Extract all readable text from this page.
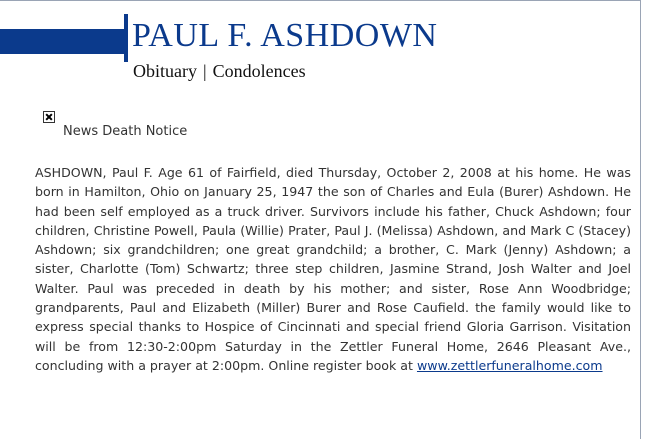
PAUL F. ASHDOWN
Obituary | Condolences
News Death Notice

ASHDOWN, Paul F. Age 61 of Fairfield, died Thursday, October 2, 2008 at his home. He was born in Hamilton, Ohio on January 25, 1947 the son of Charles and Eula (Burer) Ashdown. He had been self employed as a truck driver. Survivors include his father, Chuck Ashdown; four children, Christine Powell, Paula (Willie) Prater, Paul J. (Melissa) Ashdown, and Mark C (Stacey) Ashdown; six grandchildren; one great grandchild; a brother, C. Mark (Jenny) Ashdown; a sister, Charlotte (Tom) Schwartz; three step children, Jasmine Strand, Josh Walter and Joel Walter. Paul was preceded in death by his mother; and sister, Rose Ann Woodbridge; grandparents, Paul and Elizabeth (Miller) Burer and Rose Caufield. the family would like to express special thanks to Hospice of Cincinnati and special friend Gloria Garrison. Visitation will be from 12:30-2:00pm Saturday in the Zettler Funeral Home, 2646 Pleasant Ave., concluding with a prayer at 2:00pm. Online register book at www.zettlerfuneralhome.com
